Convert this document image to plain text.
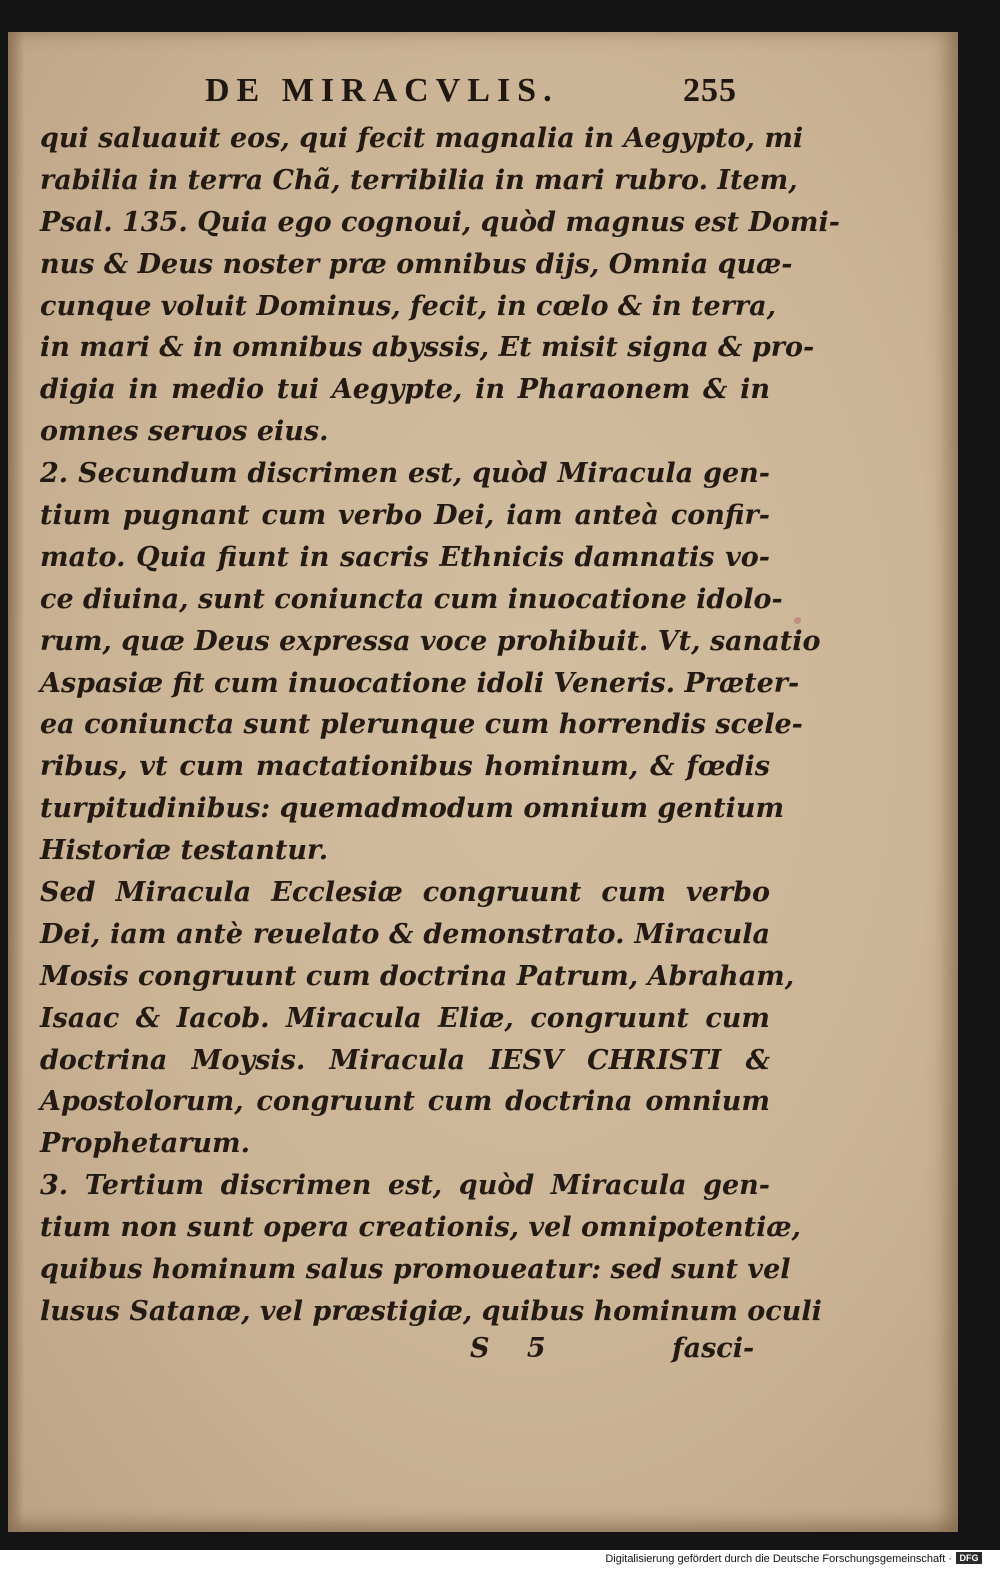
DE MIRACVLIS.	255
qui saluauit eos, qui fecit magnalia in Aegypto, mi
rabilia in terra Chã, terribilia in mari rubro. Item,
Psal. 135. Quia ego cognoui, quòd magnus est Domi-
nus & Deus noster præ omnibus dijs, Omnia quæ-
cunque voluit Dominus, fecit, in cœlo & in terra,
in mari & in omnibus abyssis, Et misit signa & pro-
digia in medio tui Aegypte, in Pharaonem & in
omnes seruos eius.
2. Secundum discrimen est, quòd Miracula gen-
tium pugnant cum verbo Dei, iam anteà confir-
mato. Quia fiunt in sacris Ethnicis damnatis vo-
ce diuina, sunt coniuncta cum inuocatione idolo-
rum, quæ Deus expressa voce prohibuit. Vt, sanatio
Aspasiæ fit cum inuocatione idoli Veneris. Præter-
ea coniuncta sunt plerunque cum horrendis scele-
ribus, vt cum mactationibus hominum, & fœdis
turpitudinibus: quemadmodum omnium gentium
Historiæ testantur.
Sed Miracula Ecclesiæ congruunt cum verbo
Dei, iam antè reuelato & demonstrato. Miracula
Mosis congruunt cum doctrina Patrum, Abraham,
Isaac & Iacob. Miracula Eliæ, congruunt cum
doctrina Moysis. Miracula IESV CHRISTI &
Apostolorum, congruunt cum doctrina omnium
Prophetarum.
3. Tertium discrimen est, quòd Miracula gen-
tium non sunt opera creationis, vel omnipotentiæ,
quibus hominum salus promoueatur: sed sunt vel
lusus Satanæ, vel præstigiæ, quibus hominum oculi
S 5	fasci-
Digitalisierung gefördert durch die Deutsche Forschungsgemeinschaft · DFG
